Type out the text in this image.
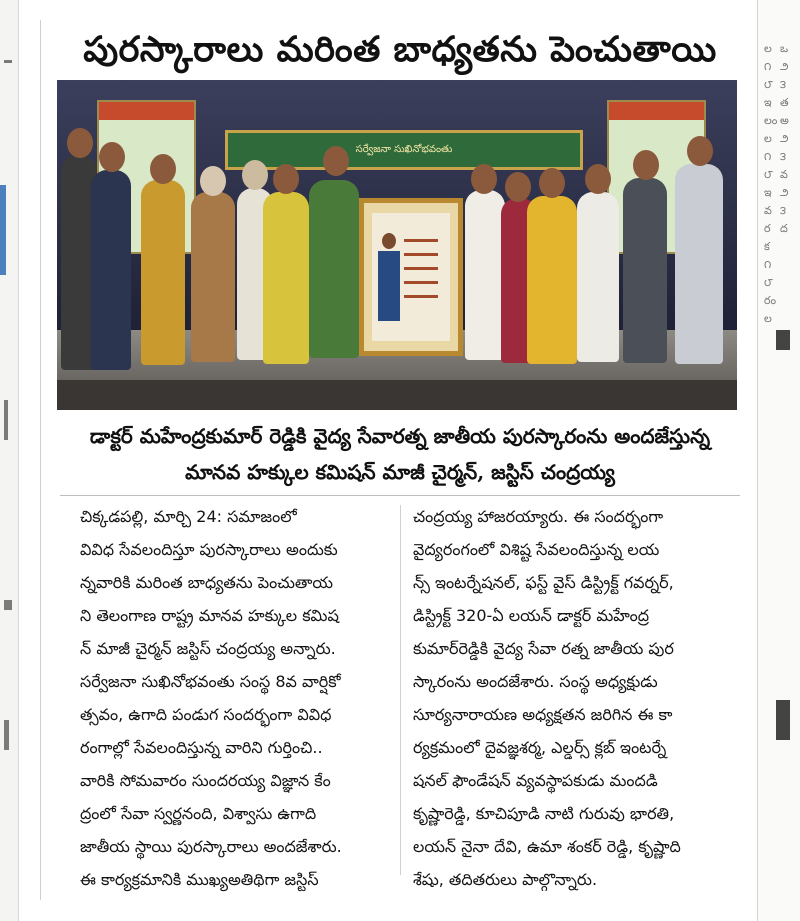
ల౧౮ఇలంల౧౮ఇవరక౧౮రంల
ఒ౨౩తఅ౨౩వ౨౩ద
పురస్కారాలు మరింత బాధ్యతను పెంచుతాయి
సర్వేజనా సుఖినోభవంతు
డాక్టర్ మహేంద్రకుమార్ రెడ్డికి వైద్య సేవారత్న జాతీయ పురస్కారంను అందజేస్తున్న
మానవ హక్కుల కమిషన్ మాజీ చైర్మన్, జస్టిస్ చంద్రయ్య
చిక్కడపల్లి, మార్చి 24: సమాజంలో
వివిధ సేవలందిస్తూ పురస్కారాలు అందుకు
న్నవారికి మరింత బాధ్యతను పెంచుతాయ
ని తెలంగాణ రాష్ట్ర మానవ హక్కుల కమిష
న్ మాజీ చైర్మన్ జస్టిస్ చంద్రయ్య అన్నారు.
సర్వేజనా సుఖినోభవంతు సంస్థ 8వ వార్షికో
త్సవం, ఉగాది పండుగ సందర్భంగా వివిధ
రంగాల్లో సేవలందిస్తున్న వారిని గుర్తించి..
వారికి సోమవారం సుందరయ్య విజ్ఞాన కేం
ద్రంలో సేవా స్వర్ణనంది, విశ్వాసు ఉగాది
జాతీయ స్థాయి పురస్కారాలు అందజేశారు.
ఈ కార్యక్రమానికి ముఖ్యఅతిథిగా జస్టిస్
చంద్రయ్య హాజరయ్యారు. ఈ సందర్భంగా
వైద్యరంగంలో విశిష్ట సేవలందిస్తున్న లయ
న్స్ ఇంటర్నేషనల్, ఫస్ట్ వైస్ డిస్ట్రిక్ట్ గవర్నర్,
డిస్ట్రిక్ట్ 320-ఏ లయన్ డాక్టర్ మహేంద్ర
కుమార్‌రెడ్డికి వైద్య సేవా రత్న జాతీయ పుర
స్కారంను అందజేశారు. సంస్థ అధ్యక్షుడు
సూర్యనారాయణ అధ్యక్షతన జరిగిన ఈ కా
ర్యక్రమంలో దైవజ్ఞశర్మ, ఎల్డర్స్ క్లబ్ ఇంటర్నే
షనల్ ఫౌండేషన్ వ్యవస్థాపకుడు మందడి
కృష్ణారెడ్డి, కూచిపూడి నాటి గురువు భారతి,
లయన్ నైనా దేవి, ఉమా శంకర్ రెడ్డి, కృష్ణాది
శేషు, తదితరులు పాల్గొన్నారు.
